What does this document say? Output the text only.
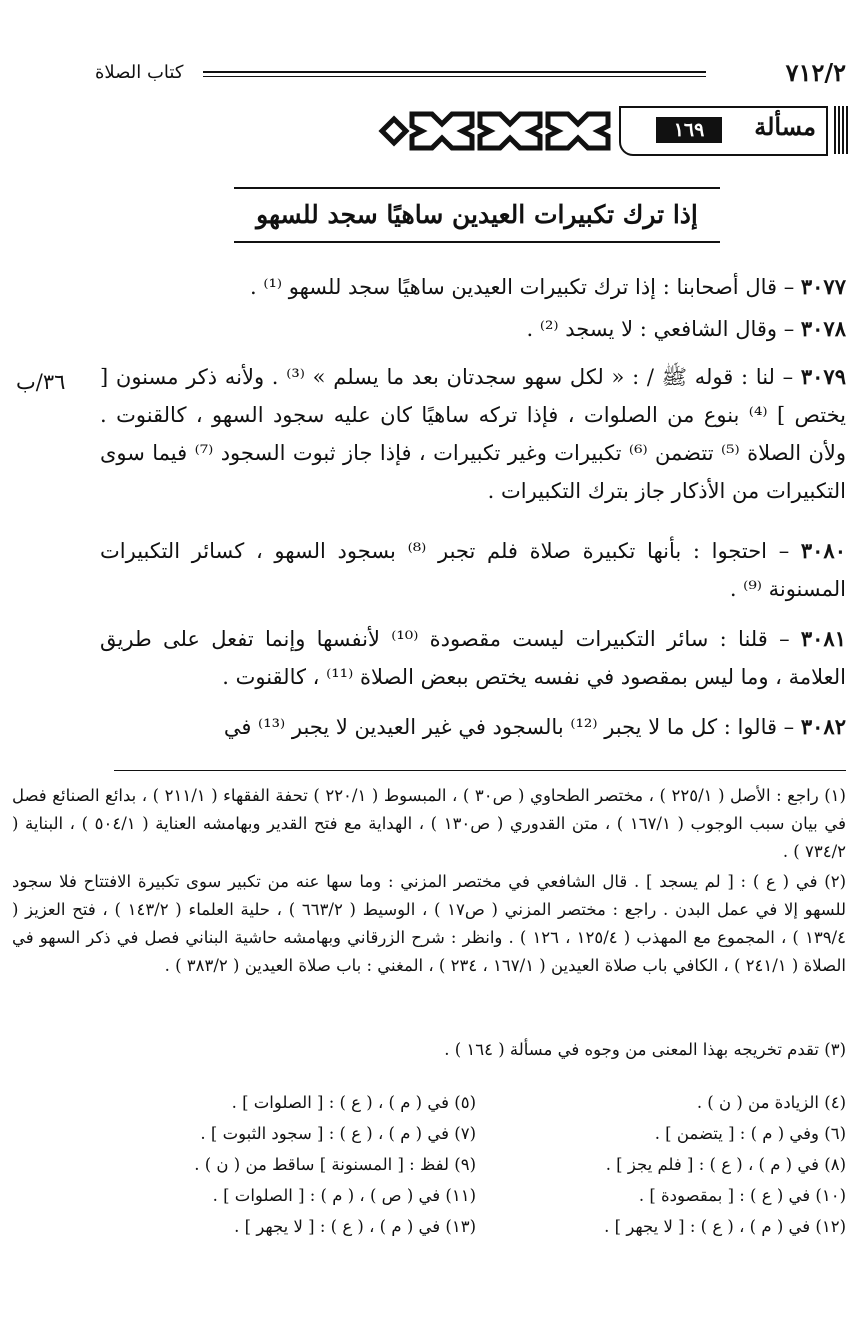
٧١٢/٢
كتاب الصلاة
مسألة
١٦٩
إذا ترك تكبيرات العيدين ساهيًا سجد للسهو
٣٦/ب
٣٠٧٧ – قال أصحابنا : إذا ترك تكبيرات العيدين ساهيًا سجد للسهو ⁽¹⁾ .
٣٠٧٨ – وقال الشافعي : لا يسجد ⁽²⁾ .
٣٠٧٩ – لنا : قوله ﷺ / : « لكل سهو سجدتان بعد ما يسلم » ⁽³⁾ . ولأنه ذكر مسنون [ يختص ] ⁽⁴⁾ بنوع من الصلوات ، فإذا تركه ساهيًا كان عليه سجود السهو ، كالقنوت . ولأن الصلاة ⁽⁵⁾ تتضمن ⁽⁶⁾ تكبيرات وغير تكبيرات ، فإذا جاز ثبوت السجود ⁽⁷⁾ فيما سوى التكبيرات من الأذكار جاز بترك التكبيرات .
٣٠٨٠ – احتجوا : بأنها تكبيرة صلاة فلم تجبر ⁽⁸⁾ بسجود السهو ، كسائر التكبيرات المسنونة ⁽⁹⁾ .
٣٠٨١ – قلنا : سائر التكبيرات ليست مقصودة ⁽¹⁰⁾ لأنفسها وإنما تفعل على طريق العلامة ، وما ليس بمقصود في نفسه يختص ببعض الصلاة ⁽¹¹⁾ ، كالقنوت .
٣٠٨٢ – قالوا : كل ما لا يجبر ⁽¹²⁾ بالسجود في غير العيدين لا يجبر ⁽¹³⁾ في
(١) راجع : الأصل ( ٢٢٥/١ ) ، مختصر الطحاوي ( ص٣٠ ) ، المبسوط ( ٢٢٠/١ ) تحفة الفقهاء ( ٢١١/١ ) ، بدائع الصنائع فصل في بيان سبب الوجوب ( ١٦٧/١ ) ، متن القدوري ( ص١٣٠ ) ، الهداية مع فتح القدير وبهامشه العناية ( ٥٠٤/١ ) ، البناية ( ٧٣٤/٢ ) .
(٢) في ( ع ) : [ لم يسجد ] . قال الشافعي في مختصر المزني : وما سها عنه من تكبير سوى تكبيرة الافتتاح فلا سجود للسهو إلا في عمل البدن . راجع : مختصر المزني ( ص١٧ ) ، الوسيط ( ٦٦٣/٢ ) ، حلية العلماء ( ١٤٣/٢ ) ، فتح العزيز ( ١٣٩/٤ ) ، المجموع مع المهذب ( ١٢٥/٤ ، ١٢٦ ) . وانظر : شرح الزرقاني وبهامشه حاشية البناني فصل في ذكر السهو في الصلاة ( ٢٤١/١ ) ، الكافي باب صلاة العيدين ( ١٦٧/١ ، ٢٣٤ ) ، المغني : باب صلاة العيدين ( ٣٨٣/٢ ) .
(٣) تقدم تخريجه بهذا المعنى من وجوه في مسألة ( ١٦٤ ) .
(٤) الزيادة من ( ن ) .
(٥) في ( م ) ، ( ع ) : [ الصلوات ] .
(٦) وفي ( م ) : [ يتضمن ] .
(٧) في ( م ) ، ( ع ) : [ سجود الثبوت ] .
(٨) في ( م ) ، ( ع ) : [ فلم يجز ] .
(٩) لفظ : [ المسنونة ] ساقط من ( ن ) .
(١٠) في ( ع ) : [ بمقصودة ] .
(١١) في ( ص ) ، ( م ) : [ الصلوات ] .
(١٢) في ( م ) ، ( ع ) : [ لا يجهر ] .
(١٣) في ( م ) ، ( ع ) : [ لا يجهر ] .
